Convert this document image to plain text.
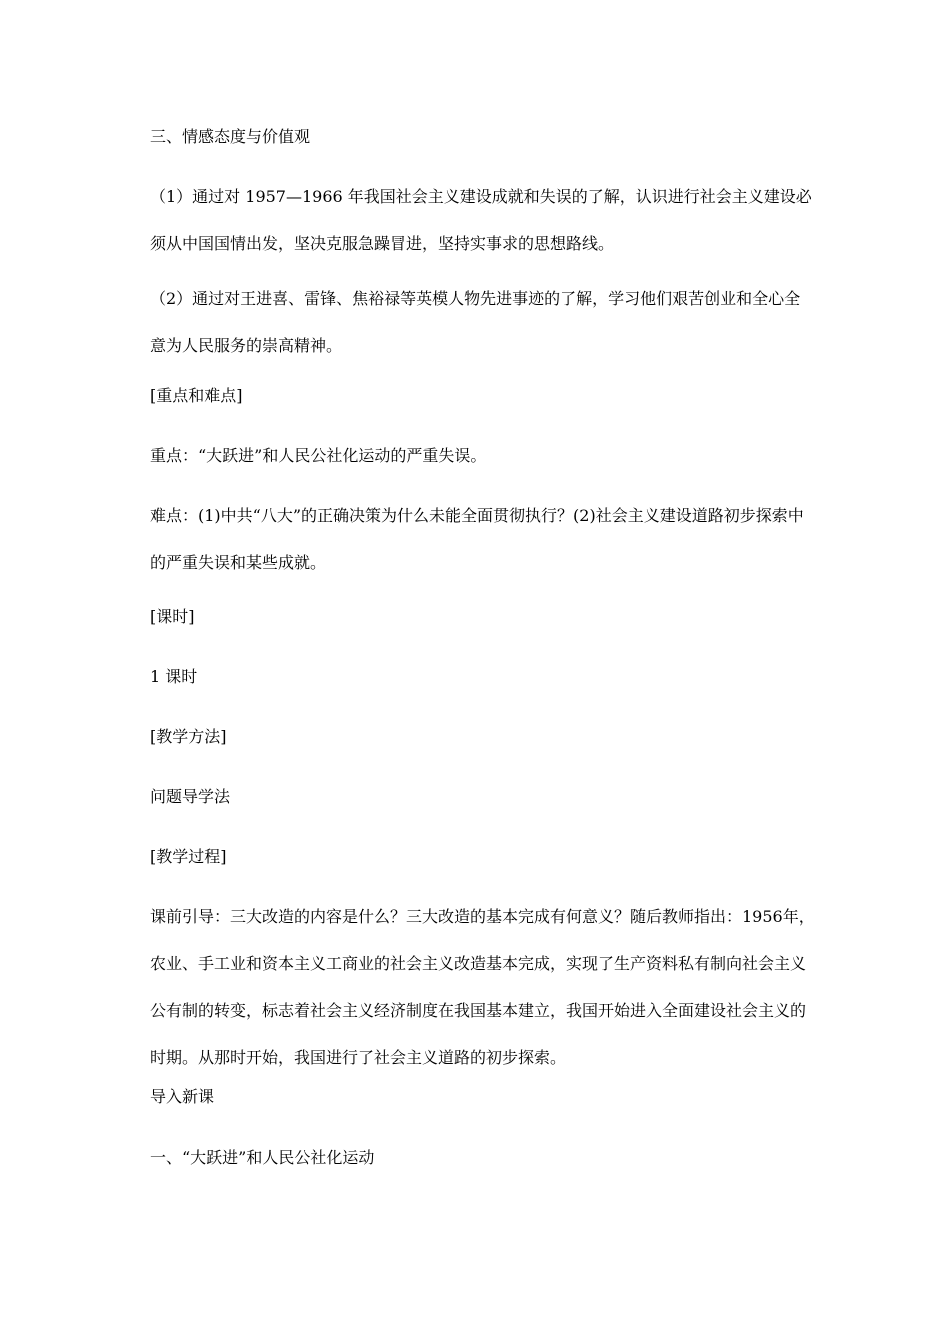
三、情感态度与价值观
（1）通过对 1957—1966 年我国社会主义建设成就和失误的了解，认识进行社会主义建设必须从中国国情出发，坚决克服急躁冒进，坚持实事求的思想路线。
（2）通过对王进喜、雷锋、焦裕禄等英模人物先进事迹的了解，学习他们艰苦创业和全心全意为人民服务的崇高精神。
[重点和难点]
重点：“大跃进”和人民公社化运动的严重失误。
难点：(1)中共“八大”的正确决策为什么未能全面贯彻执行？(2)社会主义建设道路初步探索中的严重失误和某些成就。
[课时]
1 课时
[教学方法]
问题导学法
[教学过程]
课前引导：三大改造的内容是什么？三大改造的基本完成有何意义？随后教师指出：1956年，农业、手工业和资本主义工商业的社会主义改造基本完成，实现了生产资料私有制向社会主义公有制的转变，标志着社会主义经济制度在我国基本建立，我国开始进入全面建设社会主义的时期。从那时开始，我国进行了社会主义道路的初步探索。
导入新课
一、“大跃进”和人民公社化运动
